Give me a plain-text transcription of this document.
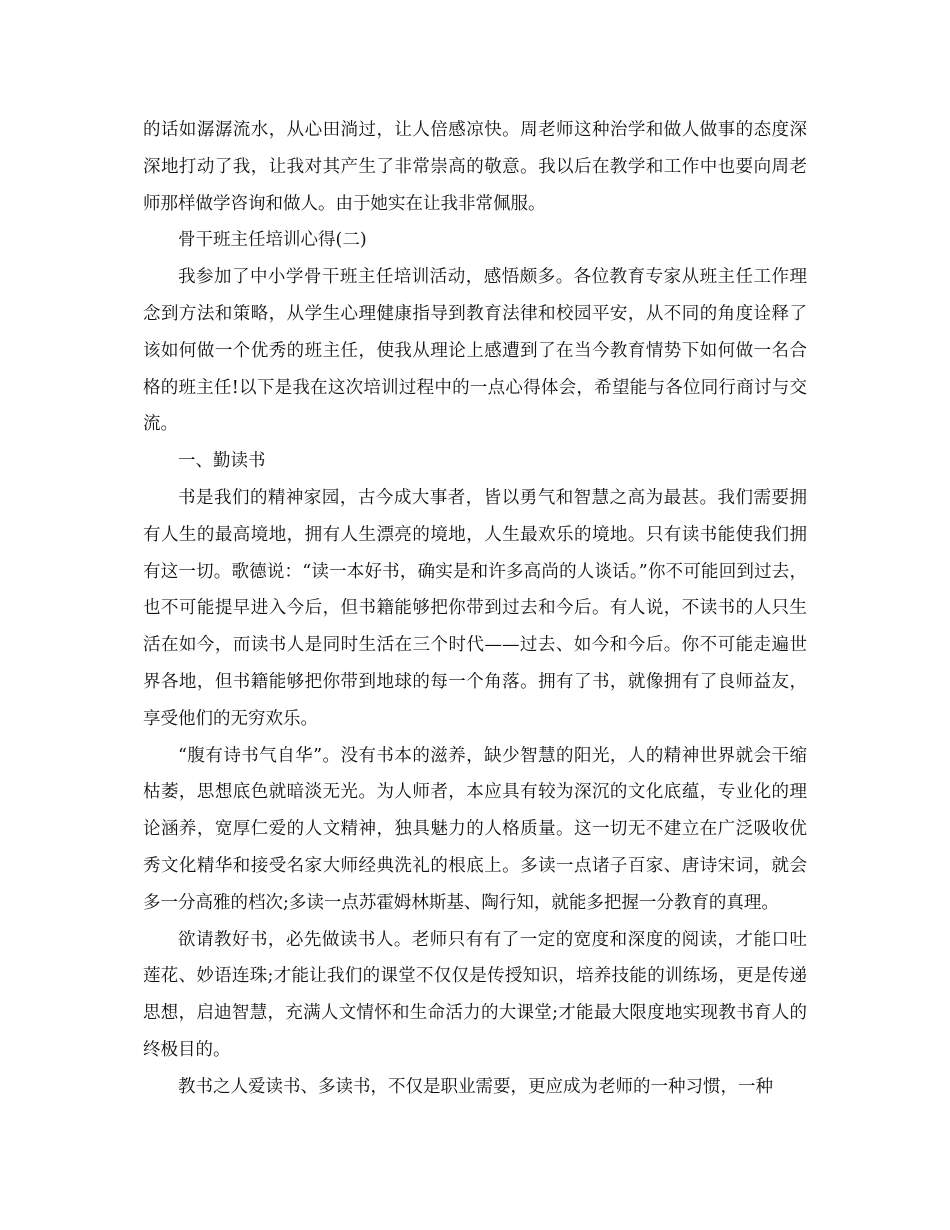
的话如潺潺流水，从心田淌过，让人倍感凉快。周老师这种治学和做人做事的态度深深地打动了我，让我对其产生了非常崇高的敬意。我以后在教学和工作中也要向周老师那样做学咨询和做人。由于她实在让我非常佩服。

骨干班主任培训心得(二)

我参加了中小学骨干班主任培训活动，感悟颇多。各位教育专家从班主任工作理念到方法和策略，从学生心理健康指导到教育法律和校园平安，从不同的角度诠释了该如何做一个优秀的班主任，使我从理论上感遭到了在当今教育情势下如何做一名合格的班主任!以下是我在这次培训过程中的一点心得体会，希望能与各位同行商讨与交流。

一、勤读书

书是我们的精神家园，古今成大事者，皆以勇气和智慧之高为最甚。我们需要拥有人生的最高境地，拥有人生漂亮的境地，人生最欢乐的境地。只有读书能使我们拥有这一切。歌德说：“读一本好书，确实是和许多高尚的人谈话。”你不可能回到过去，也不可能提早进入今后，但书籍能够把你带到过去和今后。有人说，不读书的人只生活在如今，而读书人是同时生活在三个时代——过去、如今和今后。你不可能走遍世界各地，但书籍能够把你带到地球的每一个角落。拥有了书，就像拥有了良师益友，享受他们的无穷欢乐。

“腹有诗书气自华”。没有书本的滋养，缺少智慧的阳光，人的精神世界就会干缩枯萎，思想底色就暗淡无光。为人师者，本应具有较为深沉的文化底蕴，专业化的理论涵养，宽厚仁爱的人文精神，独具魅力的人格质量。这一切无不建立在广泛吸收优秀文化精华和接受名家大师经典洗礼的根底上。多读一点诸子百家、唐诗宋词，就会多一分高雅的档次;多读一点苏霍姆林斯基、陶行知，就能多把握一分教育的真理。

欲请教好书，必先做读书人。老师只有有了一定的宽度和深度的阅读，才能口吐莲花、妙语连珠;才能让我们的课堂不仅仅是传授知识，培养技能的训练场，更是传递思想，启迪智慧，充满人文情怀和生命活力的大课堂;才能最大限度地实现教书育人的终极目的。

教书之人爱读书、多读书，不仅是职业需要，更应成为老师的一种习惯，一种
